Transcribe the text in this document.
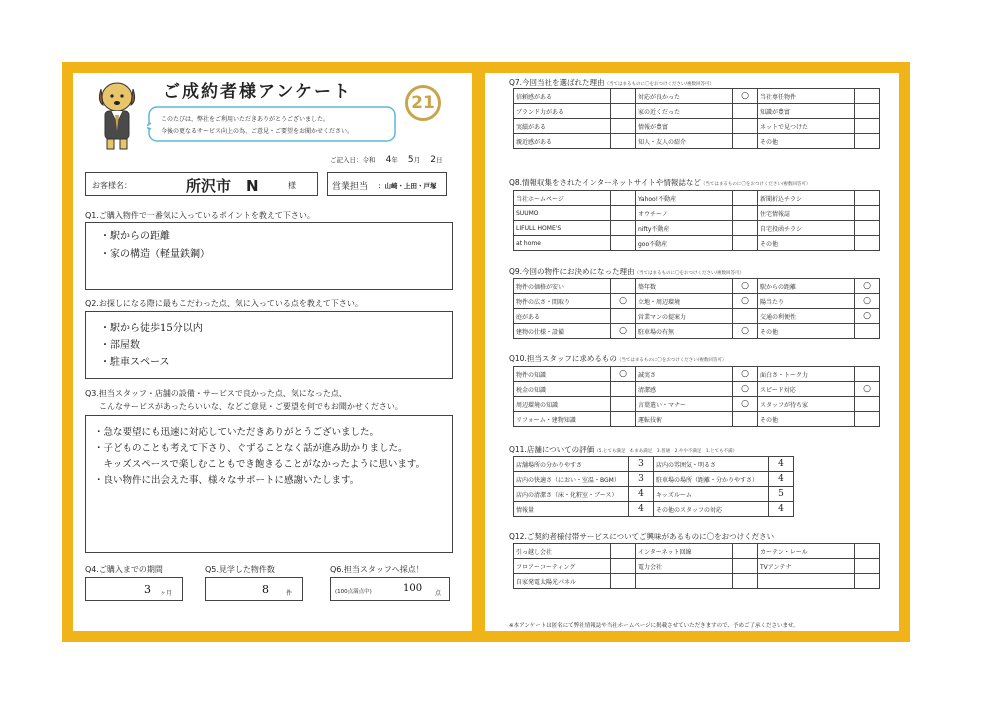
ご成約者様アンケート
このたびは、弊社をご利用いただきありがとうございました。
今後の更なるサービス向上の為、ご意見・ご要望をお聞かせください。
21
ご記入日：令和 4年 5月 2日
お客様名：	所沢市　N	様	営業担当 ：山崎・上田・戸塚
Q1.ご購入物件で一番気に入っているポイントを教えて下さい。
・駅からの距離
・家の構造（軽量鉄鋼）
Q2.お探しになる際に最もこだわった点、気に入っている点を教えて下さい。
・駅から徒歩15分以内
・部屋数
・駐車スペース
Q3.担当スタッフ・店舗の設備・サービスで良かった点、気になった点、
こんなサービスがあったらいいな、などご意見・ご要望を何でもお聞かせください。
・急な要望にも迅速に対応していただきありがとうございました。
・子どものことも考えて下さり、ぐずることなく話が進み助かりました。
　キッズスペースで楽しむこともでき飽きることがなかったように思います。
・良い物件に出会えた事、様々なサポートに感謝いたします。
Q4.ご購入までの期間
3 ヶ月
Q5.見学した物件数
8	件
Q6.担当スタッフへ採点！
(100点満点中)	100 点
Q7.今回当社を選ばれた理由（当てはまるものに〇をおつけください/複数回答可）
信頼感がある		対応が良かった	○	当社専任物件	
ブランド力がある		家の近くだった		知識が豊富	
実績がある		情報が豊富		ネットで見つけた	
親近感がある		知人・友人の紹介		その他	
Q8.情報収集をされたインターネットサイトや情報誌など（当てはまるものに〇をおつけください/複数回答可）
当社ホームページ		Yahoo!不動産		新聞折込チラシ	
SUUMO		オウチーノ		住宅情報誌	
LIFULL HOME'S		nifty不動産		自宅投函チラシ	
at home		goo不動産		その他	
Q9.今回の物件にお決めになった理由（当てはまるものに〇をおつけください/複数回答可）
物件の価格が安い		築年数	○	駅からの距離	○
物件の広さ・間取り	○	立地・周辺環境	○	陽当たり	○
庭がある		営業マンの提案力		交通の利便性	○
建物の仕様・設備	○	駐車場の有無	○	その他	
Q10.担当スタッフに求めるもの（当てはまるものに〇をおつけください/複数回答可）
物件の知識	○	誠実さ	○	面白さ・トーク力	
税金の知識		清潔感	○	スピード対応	○
周辺環境の知識		言葉遣い・マナー	○	スタッフが待ち家	
リフォーム・建物知識		運転技術		その他	
Q11.店舗についての評価（5.とても満足　4.まあ満足　3.普通　2.やや不満足　1.とても不満）
店舗場所の分かりやすさ	3	店内の雰囲気・明るさ	4
店内の快適さ（におい・室温・BGM）	3	駐車場の場所（距離・分かりやすさ）	4
店内の清潔さ（床・化粧室・ブース）	4	キッズルーム	5
情報量	4	その他のスタッフの対応	4
Q12.ご契約者様付帯サービスについてご興味があるものに〇をおつけください
引っ越し会社		インターネット回線		カーテン・レール	
フロアーコーティング		電力会社		TVアンテナ	
自家発電太陽光パネル					
※本アンケートは匿名にて弊社情報誌や当社ホームページに掲載させていただきますので、予めご了承くださいませ。
